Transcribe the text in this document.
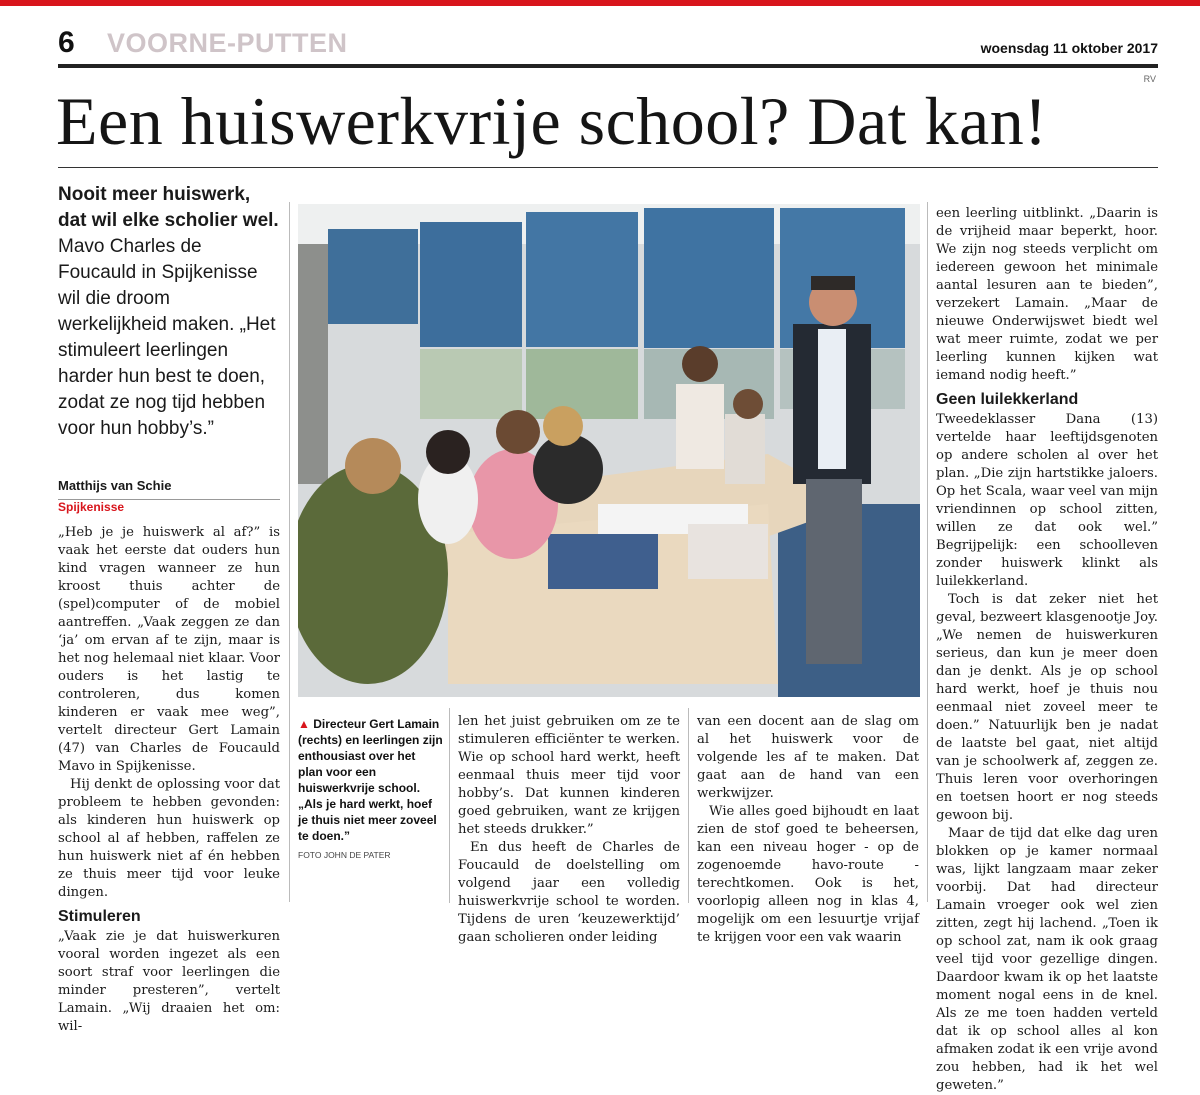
6 VOORNE-PUTTEN	woensdag 11 oktober 2017
RV
Een huiswerkvrije school? Dat kan!
Nooit meer huiswerk, dat wil elke scholier wel. Mavo Charles de Foucauld in Spijkenisse wil die droom werkelijkheid maken. „Het stimuleert leerlingen harder hun best te doen, zodat ze nog tijd hebben voor hun hobby’s.”
Matthijs van Schie
Spijkenisse

„Heb je je huiswerk al af?” is vaak het eerste dat ouders hun kind vragen wanneer ze hun kroost thuis achter de (spel)computer of de mobiel aantreffen. „Vaak zeggen ze dan ‘ja’ om ervan af te zijn, maar is het nog helemaal niet klaar. Voor ouders is het lastig te controleren, dus komen kinderen er vaak mee weg”, vertelt directeur Gert Lamain (47) van Charles de Foucauld Mavo in Spijkenisse.

Hij denkt de oplossing voor dat probleem te hebben gevonden: als kinderen hun huiswerk op school al af hebben, raffelen ze hun huiswerk niet af én hebben ze thuis meer tijd voor leuke dingen.

Stimuleren

„Vaak zie je dat huiswerkuren vooral worden ingezet als een soort straf voor leerlingen die minder presteren”, vertelt Lamain. „Wij draaien het om: wil-

▲ Directeur Gert Lamain (rechts) en leerlingen zijn enthousiast over het plan voor een huiswerkvrije school. „Als je hard werkt, hoef je thuis niet meer zoveel te doen.”
FOTO JOHN DE PATER

len het juist gebruiken om ze te stimuleren efficiënter te werken. Wie op school hard werkt, heeft eenmaal thuis meer tijd voor hobby’s. Dat kunnen kinderen goed gebruiken, want ze krijgen het steeds drukker.”

En dus heeft de Charles de Foucauld de doelstelling om volgend jaar een volledig huiswerkvrije school te worden. Tijdens de uren ‘keuzewerktijd’ gaan scholieren onder leiding

van een docent aan de slag om al het huiswerk voor de volgende les af te maken. Dat gaat aan de hand van een werkwijzer.

Wie alles goed bijhoudt en laat zien de stof goed te beheersen, kan een niveau hoger - op de zogenoemde havo-route - terechtkomen. Ook is het, voorlopig alleen nog in klas 4, mogelijk om een lesuurtje vrijaf te krijgen voor een vak waarin

een leerling uitblinkt. „Daarin is de vrijheid maar beperkt, hoor. We zijn nog steeds verplicht om iedereen gewoon het minimale aantal lesuren aan te bieden”, verzekert Lamain. „Maar de nieuwe Onderwijswet biedt wel wat meer ruimte, zodat we per leerling kunnen kijken wat iemand nodig heeft.”

Geen luilekkerland

Tweedeklasser Dana (13) vertelde haar leeftijdsgenoten op andere scholen al over het plan. „Die zijn hartstikke jaloers. Op het Scala, waar veel van mijn vriendinnen op school zitten, willen ze dat ook wel.” Begrijpelijk: een schoolleven zonder huiswerk klinkt als luilekkerland.

Toch is dat zeker niet het geval, bezweert klasgenootje Joy. „We nemen de huiswerkuren serieus, dan kun je meer doen dan je denkt. Als je op school hard werkt, hoef je thuis nou eenmaal niet zoveel meer te doen.” Natuurlijk ben je nadat de laatste bel gaat, niet altijd van je schoolwerk af, zeggen ze. Thuis leren voor overhoringen en toetsen hoort er nog steeds gewoon bij.

Maar de tijd dat elke dag uren blokken op je kamer normaal was, lijkt langzaam maar zeker voorbij. Dat had directeur Lamain vroeger ook wel zien zitten, zegt hij lachend. „Toen ik op school zat, nam ik ook graag veel tijd voor gezellige dingen. Daardoor kwam ik op het laatste moment nogal eens in de knel. Als ze me toen hadden verteld dat ik op school alles al kon afmaken zodat ik een vrije avond zou hebben, had ik het wel geweten.”
